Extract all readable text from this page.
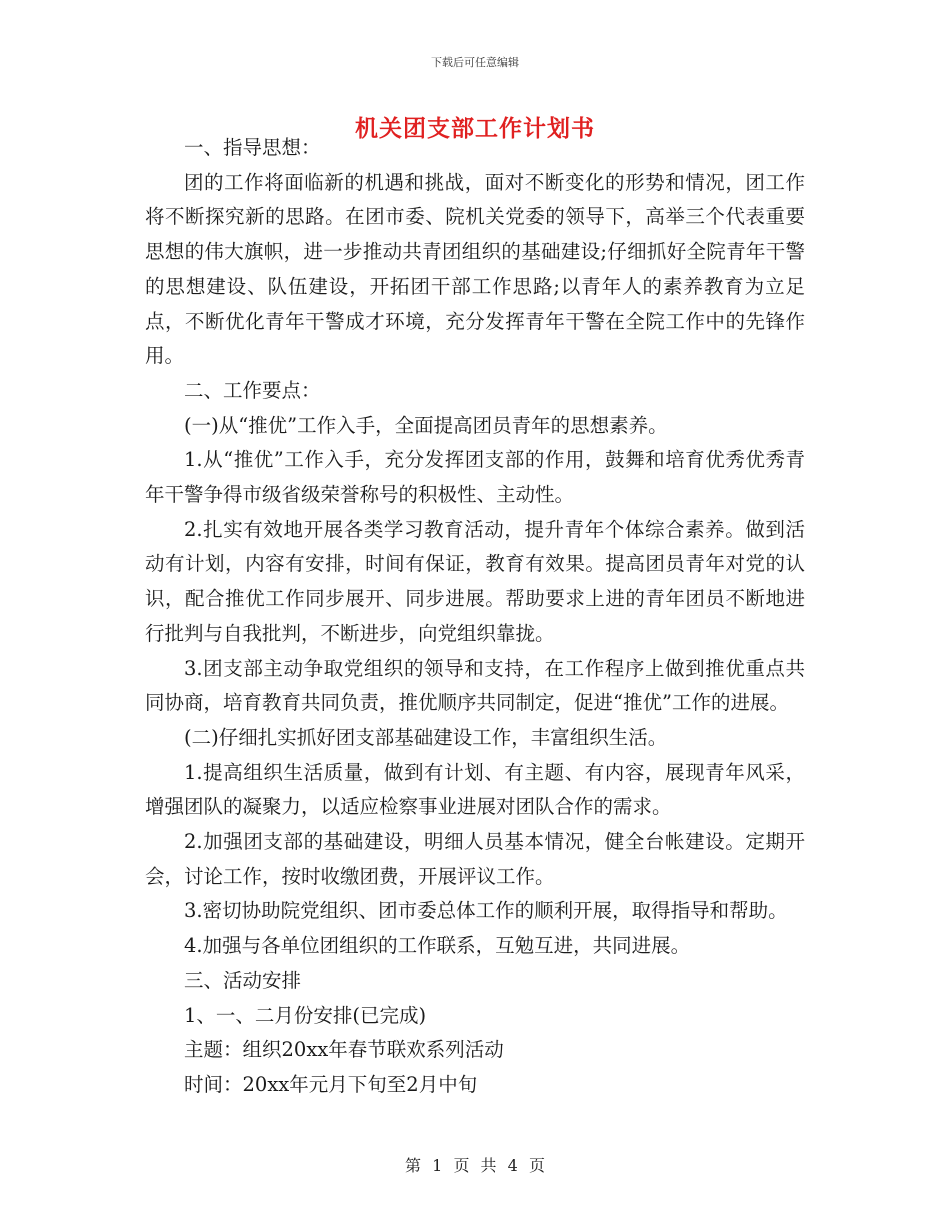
下载后可任意编辑
机关团支部工作计划书

一、指导思想：

团的工作将面临新的机遇和挑战，面对不断变化的形势和情况，团工作将不断探究新的思路。在团市委、院机关党委的领导下，高举三个代表重要思想的伟大旗帜，进一步推动共青团组织的基础建设;仔细抓好全院青年干警的思想建设、队伍建设，开拓团干部工作思路;以青年人的素养教育为立足点，不断优化青年干警成才环境，充分发挥青年干警在全院工作中的先锋作用。

二、工作要点：

(一)从“推优”工作入手，全面提高团员青年的思想素养。

1.从“推优”工作入手，充分发挥团支部的作用，鼓舞和培育优秀优秀青年干警争得市级省级荣誉称号的积极性、主动性。

2.扎实有效地开展各类学习教育活动，提升青年个体综合素养。做到活动有计划，内容有安排，时间有保证，教育有效果。提高团员青年对党的认识，配合推优工作同步展开、同步进展。帮助要求上进的青年团员不断地进行批判与自我批判，不断进步，向党组织靠拢。

3.团支部主动争取党组织的领导和支持，在工作程序上做到推优重点共同协商，培育教育共同负责，推优顺序共同制定，促进“推优”工作的进展。

(二)仔细扎实抓好团支部基础建设工作，丰富组织生活。

1.提高组织生活质量，做到有计划、有主题、有内容，展现青年风采，增强团队的凝聚力，以适应检察事业进展对团队合作的需求。

2.加强团支部的基础建设，明细人员基本情况，健全台帐建设。定期开会，讨论工作，按时收缴团费，开展评议工作。

3.密切协助院党组织、团市委总体工作的顺利开展，取得指导和帮助。

4.加强与各单位团组织的工作联系，互勉互进，共同进展。

三、活动安排

1、一、二月份安排(已完成)

主题：组织20xx年春节联欢系列活动

时间：20xx年元月下旬至2月中旬

第 1 页 共 4 页
